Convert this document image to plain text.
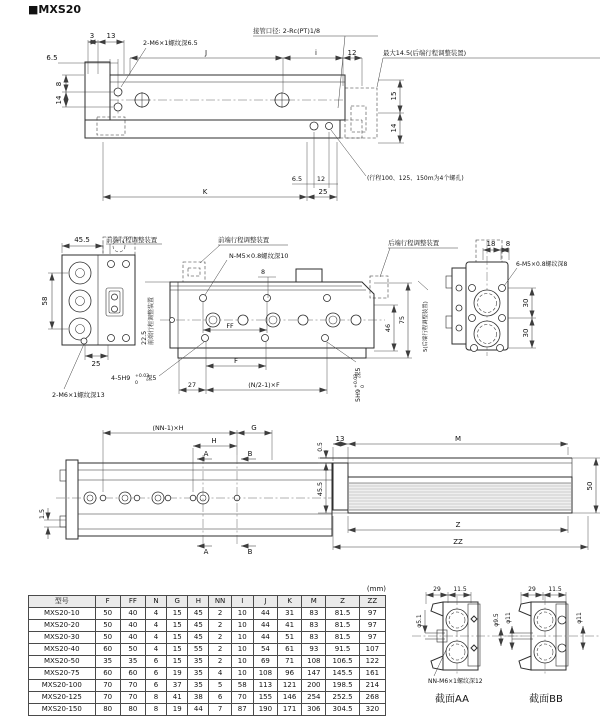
■MXS20
3 13
2-M6×1螺纹深6.5
6.5
J	i	12
接管口径: 2-Rc(PT)1/8
最大14.5(后端行程调整装置)
8
14	15
14
6.5 12
K	25
(行程100、125、150m为4个螺孔)
45.5	前端行程调整装置
58
25
2-M6×1螺纹深13
前端行程调整装置
N-M5×0.8螺纹深10
后端行程调整装置
前端行程调整装置
22.5
8
FF
F
27	(N/2-1)×F
4-5H9 +0.03
0
深5
5H9
+0.03 0
深5
46
75	5(后端行程调整装置)
18 8
6-M5×0.8螺纹深8
30
30
(NN-1)×H	G
H
A	B
A	B
1.5
13	M
0.5
45.5	50
Z
ZZ
29 11.5
φ5.1	φ9.5 φ11
NN-M6×1螺纹深12
截面AA
29 11.5
φ11
截面BB
(mm)
型号	F	FF	N	G	H	NN	I	J	K	M	Z	ZZ
MXS20-10	50	40	4	15	45	2	10	44	31	83	81.5	97
MXS20-20	50	40	4	15	45	2	10	44	41	83	81.5	97
MXS20-30	50	40	4	15	45	2	10	44	51	83	81.5	97
MXS20-40	60	50	4	15	55	2	10	54	61	93	91.5	107
MXS20-50	35	35	6	15	35	2	10	69	71	108	106.5	122
MXS20-75	60	60	6	19	35	4	10	108	96	147	145.5	161
MXS20-100	70	70	6	37	35	5	58	113	121	200	198.5	214
MXS20-125	70	70	8	41	38	6	70	155	146	254	252.5	268
MXS20-150	80	80	8	19	44	7	87	190	171	306	304.5	320
